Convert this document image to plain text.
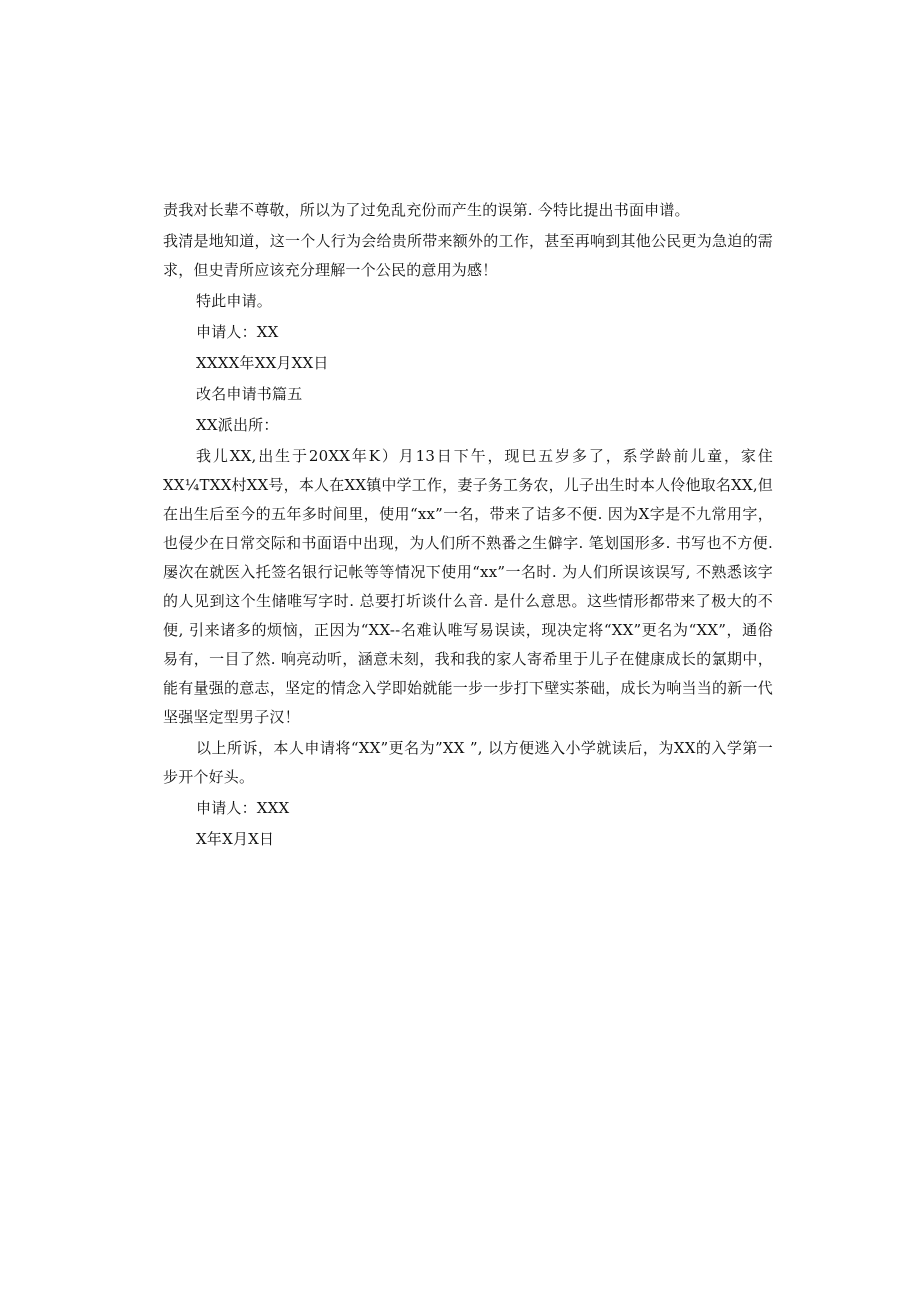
责我对长辈不尊敬，所以为了过免乱充份而产生的误第. 今特比提出书面申谱。

我清是地知道，这一个人行为会给贵所带来额外的工作，甚至再响到其他公民更为急迫的需求，但史青所应该充分理解一个公民的意用为感！

特此申请。

申请人：XX

XXXX年XX月XX日

改名申请书篇五

XX派出所：

我儿XX,出生于20XX年K）月13日下午，现巳五岁多了，系学龄前儿童，家住XX¼TXX村XX号，本人在XX镇中学工作，妻子务工务农，儿子出生时本人伶他取名XX,但在出生后至今的五年多时间里，使用“xx”一名，带来了诘多不便. 因为X字是不九常用字，也侵少在日常交际和书面语中出现，为人们所不熟番之生僻字. 笔划国形多. 书写也不方便. 屡次在就医入托签名银行记帐等等情况下使用“xx”一名时. 为人们所误该误写, 不熟悉该字的人见到这个生储唯写字时. 总要打圻谈什么音. 是什么意思。这些情形都带来了极大的不便, 引来诸多的烦恼，正因为“XX--名难认唯写易误读，现决定将“XX”更名为“XX”，通俗易有，一目了然. 响亮动听，涵意未刻，我和我的家人寄希里于儿子在健康成长的氯期中，能有量强的意志，坚定的情念入学即始就能一步一步打下壁实茶础，成长为响当当的新一代坚强坚定型男子汉！

以上所诉，本人申请将“XX”更名为”XX ”, 以方便逃入小学就读后，为XX的入学第一步开个好头。

申请人：XXX

X年X月X日
